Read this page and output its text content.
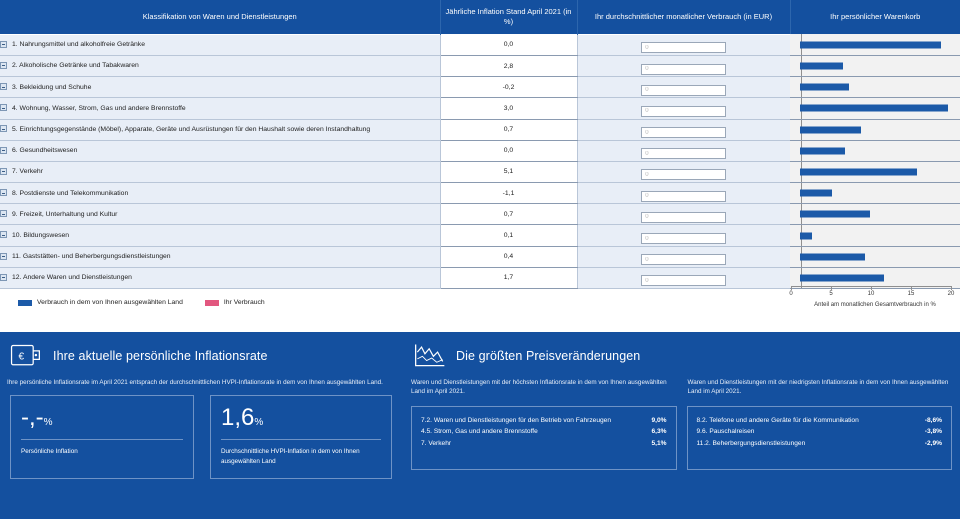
Klassifikation von Waren und Dienstleistungen	Jährliche Inflation Stand April 2021 (in %)	Ihr durchschnittlicher monatlicher Verbrauch (in EUR)	Ihr persönlicher Warenkorb
1. Nahrungsmittel und alkoholfreie Getränke	0,0	0	

2. Alkoholische Getränke und Tabakwaren	2,8	0	

3. Bekleidung und Schuhe	-0,2	0	

4. Wohnung, Wasser, Strom, Gas und andere Brennstoffe	3,0	0	

5. Einrichtungsgegenstände (Möbel), Apparate, Geräte und Ausrüstungen für den Haushalt sowie deren Instandhaltung	0,7	0	

6. Gesundheitswesen	0,0	0	

7. Verkehr	5,1	0	

8. Postdienste und Telekommunikation	-1,1	0	

9. Freizeit, Unterhaltung und Kultur	0,7	0	

10. Bildungswesen	0,1	0	

11. Gaststätten- und Beherbergungsdienstleistungen	0,4	0	

12. Andere Waren und Dienstleistungen	1,7	0	
0	5	10	15	20
Anteil am monatlichen Gesamtverbrauch in %
Verbrauch in dem von Ihnen ausgewählten Land	Ihr Verbrauch
€ Ihre aktuelle persönliche Inflationsrate
Ihre persönliche Inflationsrate im April 2021 entsprach der durchschnittlichen HVPI-Inflationsrate in dem von Ihnen ausgewählten Land.
-,-%
Persönliche Inflation
1,6%
Durchschnittliche HVPI-Inflation in dem von Ihnen ausgewählten Land
Die größten Preisveränderungen
Waren und Dienstleistungen mit der höchsten Inflationsrate in dem von Ihnen ausgewählten Land im April 2021.
Waren und Dienstleistungen mit der niedrigsten Inflationsrate in dem von Ihnen ausgewählten Land im April 2021.
7.2. Waren und Dienstleistungen für den Betrieb von Fahrzeugen	9,0%
4.5. Strom, Gas und andere Brennstoffe	6,3%
7. Verkehr	5,1%
8.2. Telefone und andere Geräte für die Kommunikation	-8,6%
9.6. Pauschalreisen	-3,8%
11.2. Beherbergungsdienstleistungen	-2,9%
